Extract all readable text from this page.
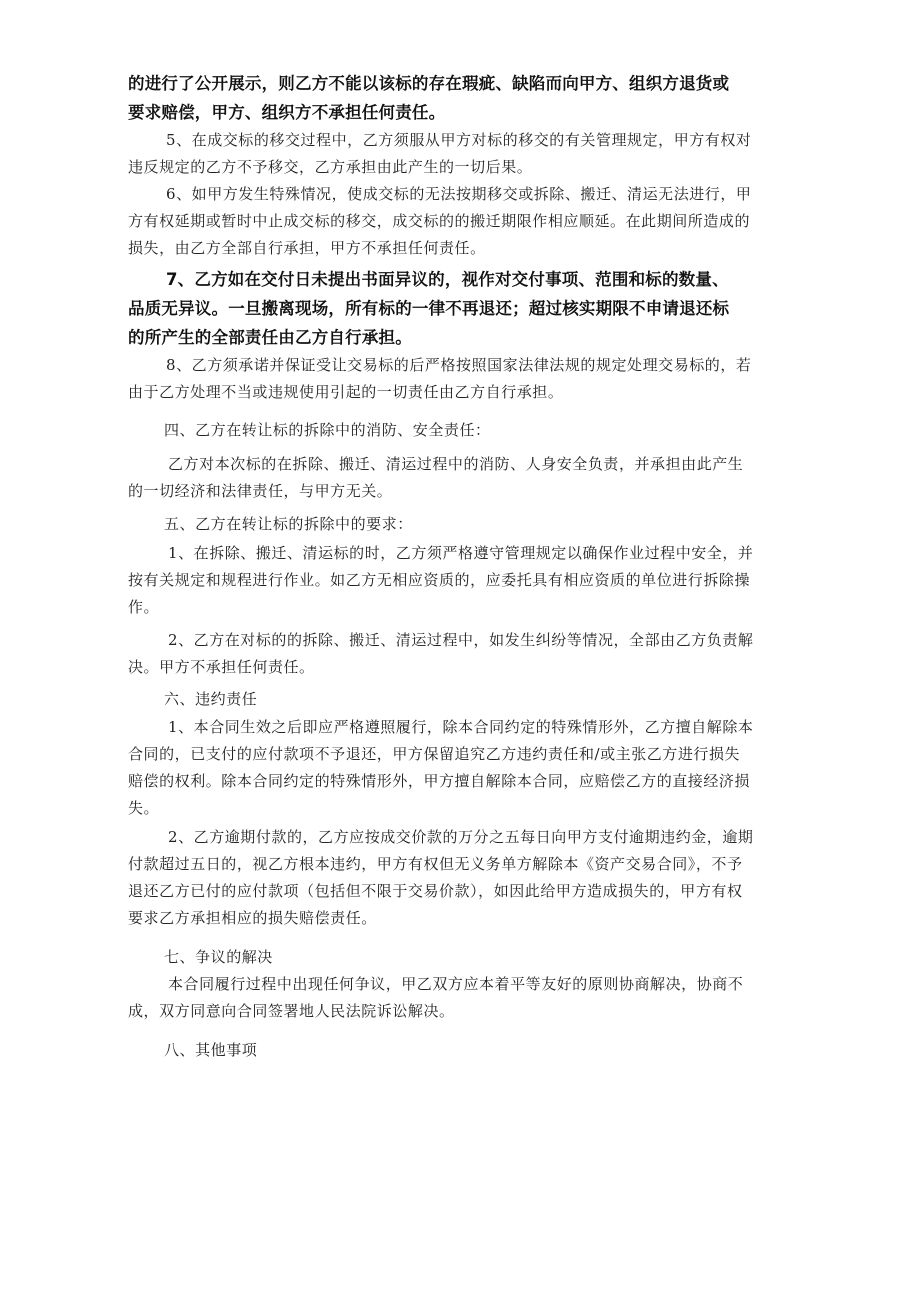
的进行了公开展示，则乙方不能以该标的存在瑕疵、缺陷而向甲方、组织方退货或
要求赔偿，甲方、组织方不承担任何责任。
5、在成交标的移交过程中，乙方须服从甲方对标的移交的有关管理规定，甲方有权对
违反规定的乙方不予移交，乙方承担由此产生的一切后果。
6、如甲方发生特殊情况，使成交标的无法按期移交或拆除、搬迁、清运无法进行，甲
方有权延期或暂时中止成交标的移交，成交标的的搬迁期限作相应顺延。在此期间所造成的
损失，由乙方全部自行承担，甲方不承担任何责任。
7、乙方如在交付日未提出书面异议的，视作对交付事项、范围和标的数量、
品质无异议。一旦搬离现场，所有标的一律不再退还；超过核实期限不申请退还标
的所产生的全部责任由乙方自行承担。
8、乙方须承诺并保证受让交易标的后严格按照国家法律法规的规定处理交易标的，若
由于乙方处理不当或违规使用引起的一切责任由乙方自行承担。
四、乙方在转让标的拆除中的消防、安全责任：
乙方对本次标的在拆除、搬迁、清运过程中的消防、人身安全负责，并承担由此产生
的一切经济和法律责任，与甲方无关。
五、乙方在转让标的拆除中的要求：
1、在拆除、搬迁、清运标的时，乙方须严格遵守管理规定以确保作业过程中安全，并
按有关规定和规程进行作业。如乙方无相应资质的，应委托具有相应资质的单位进行拆除操
作。
2、乙方在对标的的拆除、搬迁、清运过程中，如发生纠纷等情况，全部由乙方负责解
决。甲方不承担任何责任。
六、违约责任
1、本合同生效之后即应严格遵照履行，除本合同约定的特殊情形外，乙方擅自解除本
合同的，已支付的应付款项不予退还，甲方保留追究乙方违约责任和/或主张乙方进行损失
赔偿的权利。除本合同约定的特殊情形外，甲方擅自解除本合同，应赔偿乙方的直接经济损
失。
2、乙方逾期付款的，乙方应按成交价款的万分之五每日向甲方支付逾期违约金，逾期
付款超过五日的，视乙方根本违约，甲方有权但无义务单方解除本《资产交易合同》，不予
退还乙方已付的应付款项（包括但不限于交易价款），如因此给甲方造成损失的，甲方有权
要求乙方承担相应的损失赔偿责任。
七、争议的解决
本合同履行过程中出现任何争议，甲乙双方应本着平等友好的原则协商解决，协商不
成，双方同意向合同签署地人民法院诉讼解决。
八、其他事项
